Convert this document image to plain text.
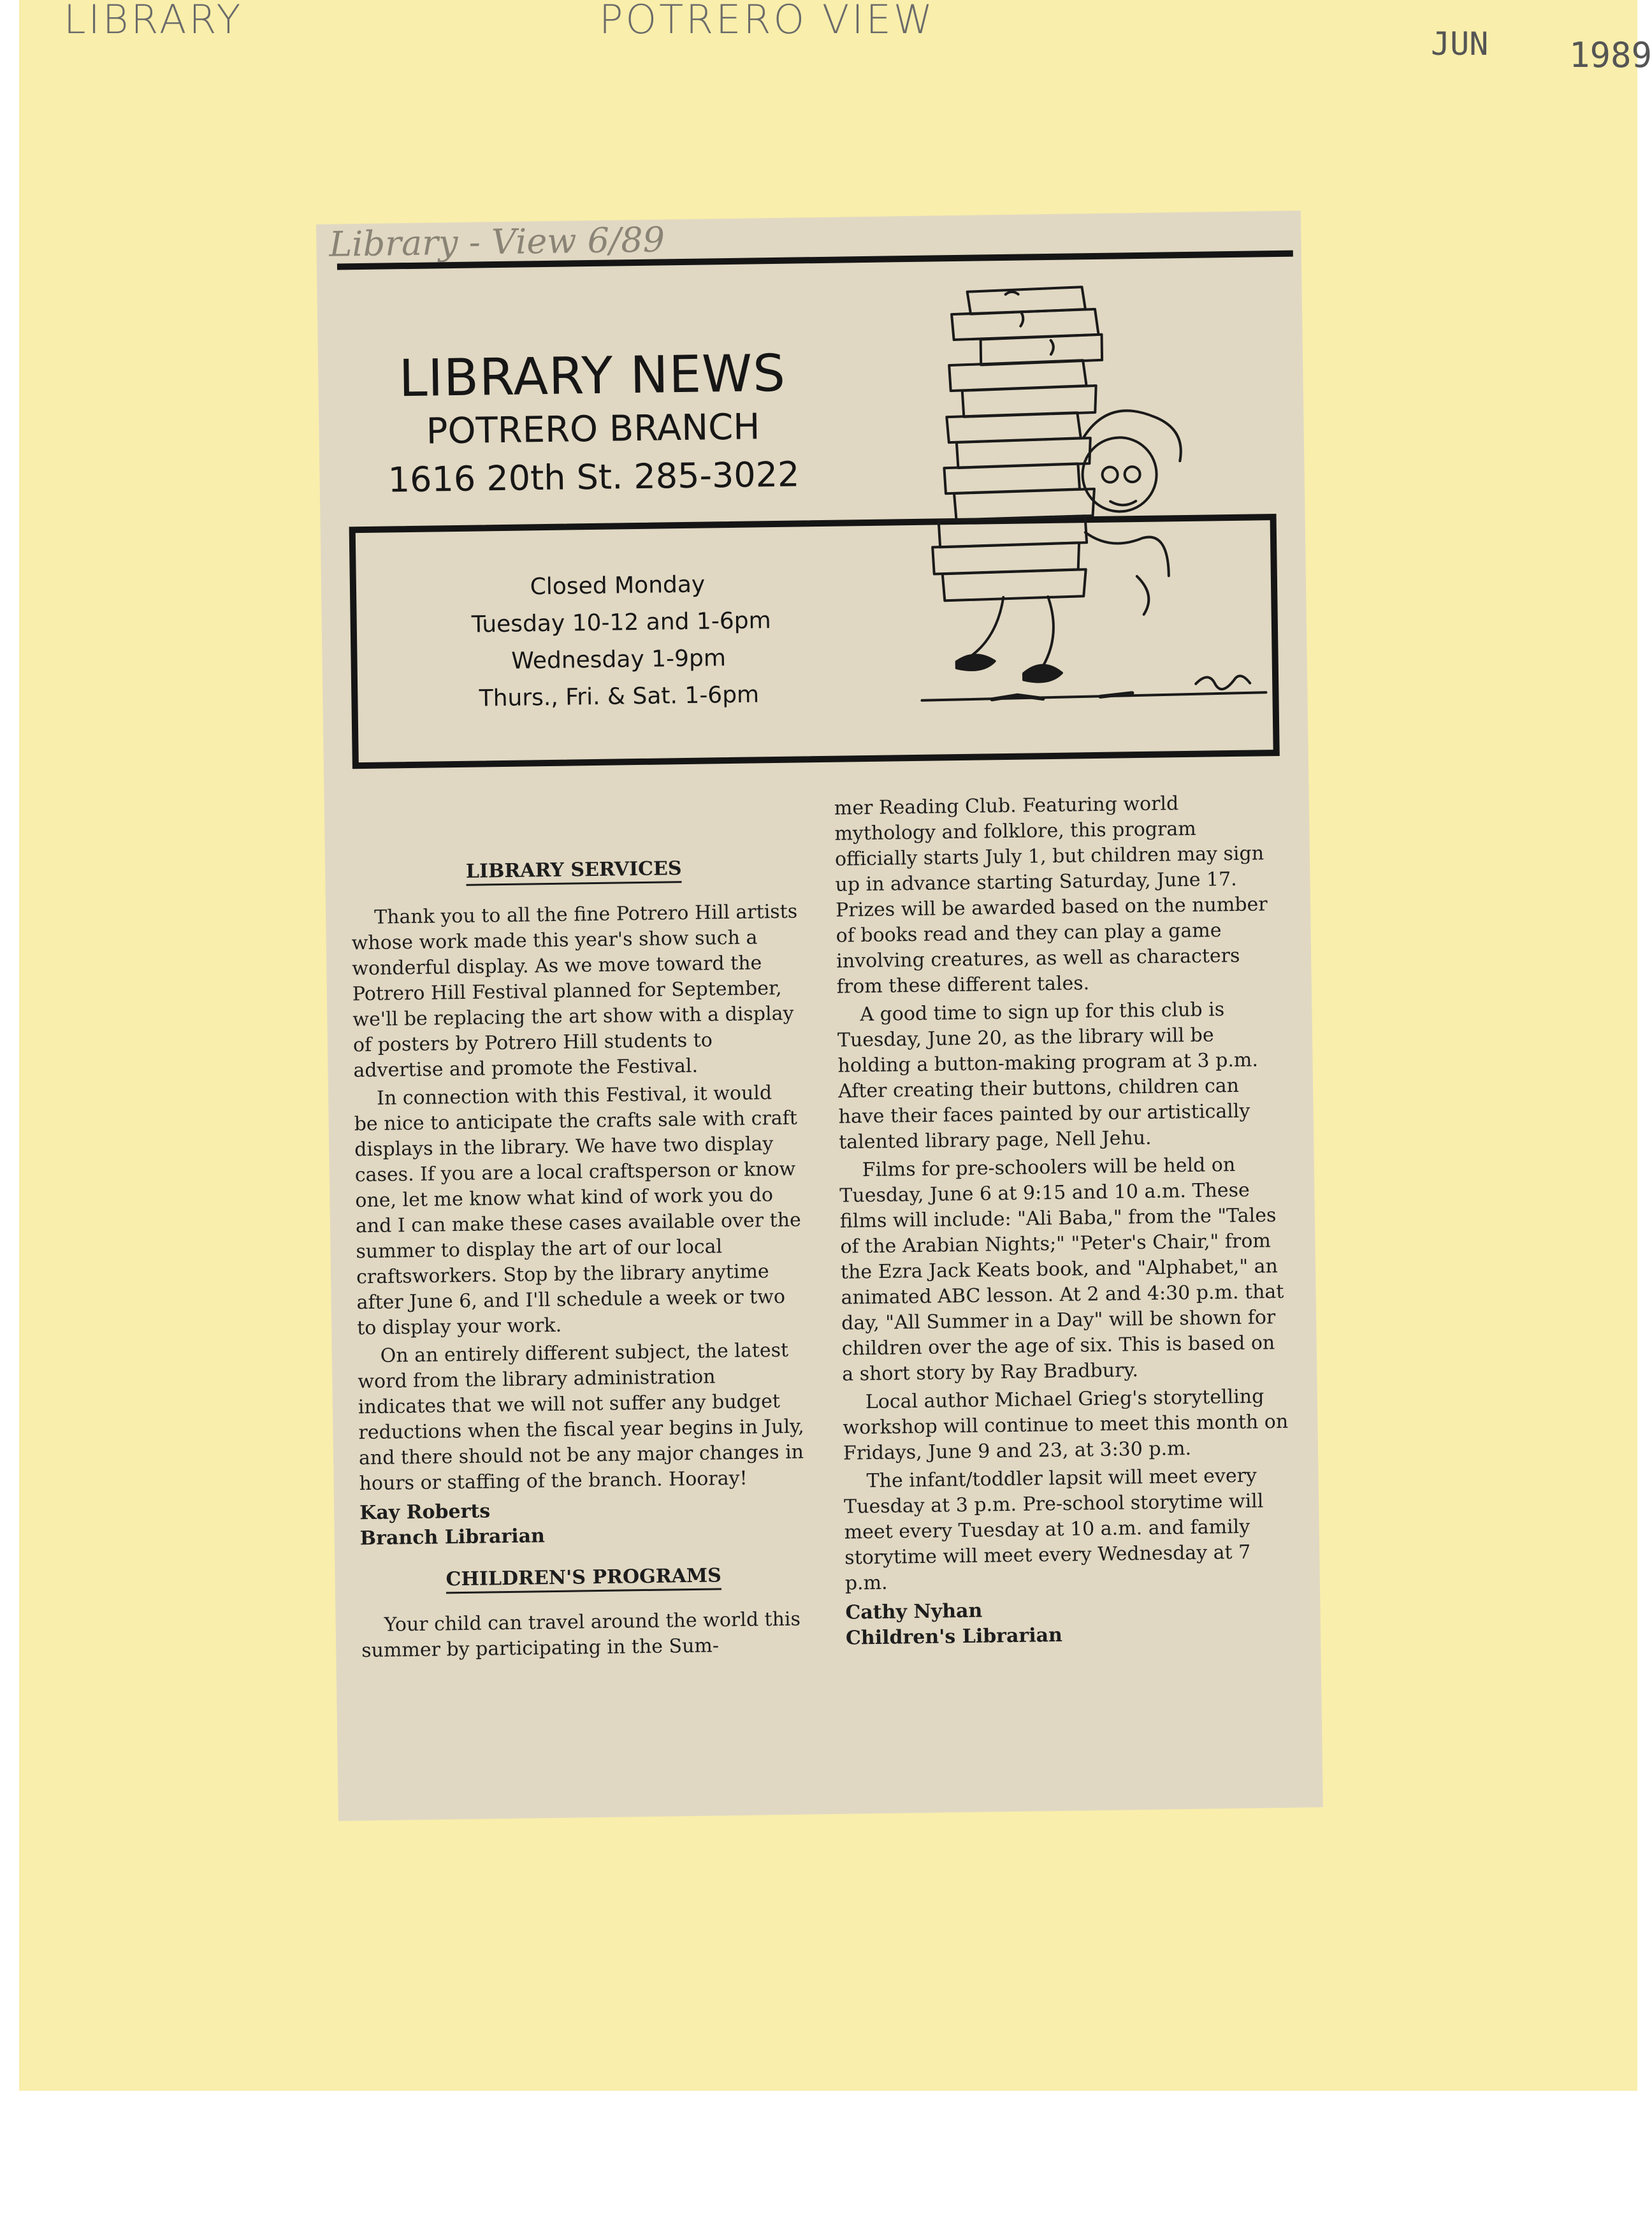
LIBRARY	POTRERO VIEW
JUN 1989
Library - View 6/89
LIBRARY NEWS
POTRERO BRANCH
1616 20th St. 285-3022
Closed Monday
Tuesday 10-12 and 1-6pm
Wednesday 1-9pm
Thurs., Fri. & Sat. 1-6pm
LIBRARY SERVICES

Thank you to all the fine Potrero Hill artists whose work made this year's show such a wonderful display. As we move toward the Potrero Hill Festival planned for September, we'll be replacing the art show with a display of posters by Potrero Hill students to advertise and promote the Festival.

In connection with this Festival, it would be nice to anticipate the crafts sale with craft displays in the library. We have two display cases. If you are a local craftsperson or know one, let me know what kind of work you do and I can make these cases available over the summer to display the art of our local craftsworkers. Stop by the library anytime after June 6, and I'll schedule a week or two to display your work.

On an entirely different subject, the latest word from the library administration indicates that we will not suffer any budget reductions when the fiscal year begins in July, and there should not be any major changes in hours or staffing of the branch. Hooray!

Kay Roberts
Branch Librarian
CHILDREN'S PROGRAMS

Your child can travel around the world this summer by participating in the Sum-

mer Reading Club. Featuring world mythology and folklore, this program officially starts July 1, but children may sign up in advance starting Saturday, June 17. Prizes will be awarded based on the number of books read and they can play a game involving creatures, as well as characters from these different tales.

A good time to sign up for this club is Tuesday, June 20, as the library will be holding a button-making program at 3 p.m. After creating their buttons, children can have their faces painted by our artistically talented library page, Nell Jehu.

Films for pre-schoolers will be held on Tuesday, June 6 at 9:15 and 10 a.m. These films will include: "Ali Baba," from the "Tales of the Arabian Nights;" "Peter's Chair," from the Ezra Jack Keats book, and "Alphabet," an animated ABC lesson. At 2 and 4:30 p.m. that day, "All Summer in a Day" will be shown for children over the age of six. This is based on a short story by Ray Bradbury.

Local author Michael Grieg's storytelling workshop will continue to meet this month on Fridays, June 9 and 23, at 3:30 p.m.

The infant/toddler lapsit will meet every Tuesday at 3 p.m. Pre-school storytime will meet every Tuesday at 10 a.m. and family storytime will meet every Wednesday at 7 p.m.

Cathy Nyhan
Children's Librarian
